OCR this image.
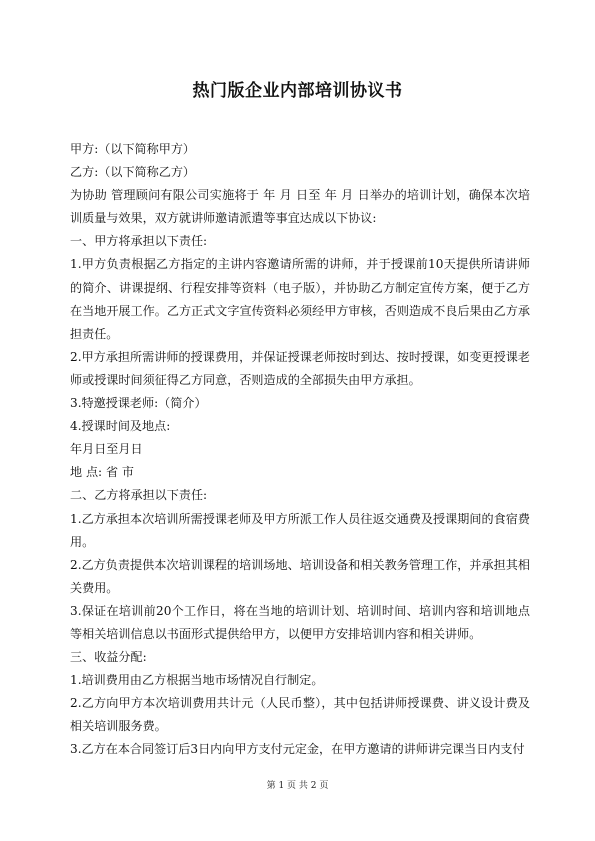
热门版企业内部培训协议书

甲方:（以下简称甲方）

乙方:（以下简称乙方）

为协助 管理顾问有限公司实施将于 年 月 日至 年 月 日举办的培训计划，确保本次培训质量与效果，双方就讲师邀请派遣等事宜达成以下协议:

一、甲方将承担以下责任:

1.甲方负责根据乙方指定的主讲内容邀请所需的讲师，并于授课前10天提供所请讲师的简介、讲课提纲、行程安排等资料（电子版），并协助乙方制定宣传方案，便于乙方在当地开展工作。乙方正式文字宣传资料必须经甲方审核，否则造成不良后果由乙方承担责任。

2.甲方承担所需讲师的授课费用，并保证授课老师按时到达、按时授课，如变更授课老师或授课时间须征得乙方同意，否则造成的全部损失由甲方承担。

3.特邀授课老师:（简介）

4.授课时间及地点:

年月日至月日

地 点: 省 市

二、乙方将承担以下责任:

1.乙方承担本次培训所需授课老师及甲方所派工作人员往返交通费及授课期间的食宿费用。

2.乙方负责提供本次培训课程的培训场地、培训设备和相关教务管理工作，并承担其相关费用。

3.保证在培训前20个工作日，将在当地的培训计划、培训时间、培训内容和培训地点等相关培训信息以书面形式提供给甲方，以便甲方安排培训内容和相关讲师。

三、收益分配:

1.培训费用由乙方根据当地市场情况自行制定。

2.乙方向甲方本次培训费用共计元（人民币整），其中包括讲师授课费、讲义设计费及相关培训服务费。

3.乙方在本合同签订后3日内向甲方支付元定金，在甲方邀请的讲师讲完课当日内支付

第 1 页 共 2 页
